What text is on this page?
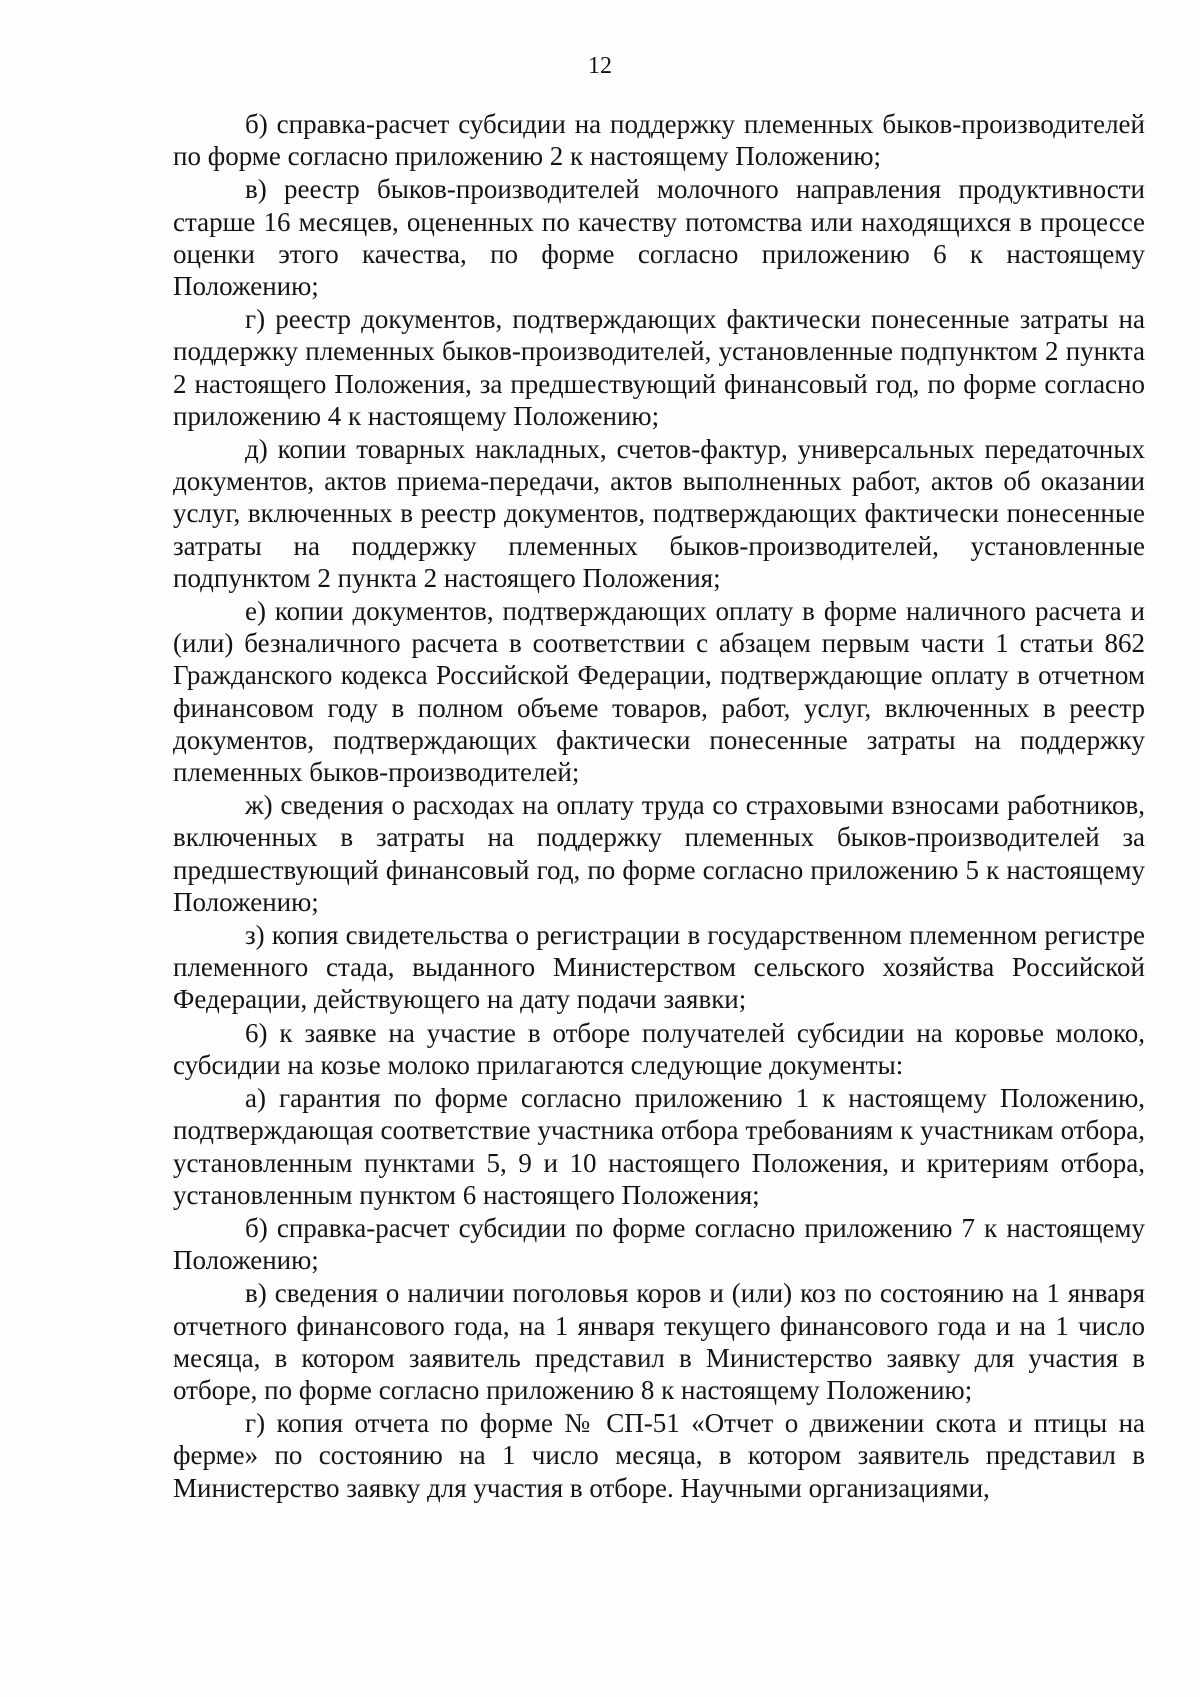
12

б) справка-расчет субсидии на поддержку племенных быков-производителей по форме согласно приложению 2 к настоящему Положению;

в) реестр быков-производителей молочного направления продуктивности старше 16 месяцев, оцененных по качеству потомства или находящихся в процессе оценки этого качества, по форме согласно приложению 6 к настоящему Положению;

г) реестр документов, подтверждающих фактически понесенные затраты на поддержку племенных быков-производителей, установленные подпунктом 2 пункта 2 настоящего Положения, за предшествующий финансовый год, по форме согласно приложению 4 к настоящему Положению;

д) копии товарных накладных, счетов-фактур, универсальных передаточных документов, актов приема-передачи, актов выполненных работ, актов об оказании услуг, включенных в реестр документов, подтверждающих фактически понесенные затраты на поддержку племенных быков-производителей, установленные подпунктом 2 пункта 2 настоящего Положения;

е) копии документов, подтверждающих оплату в форме наличного расчета и (или) безналичного расчета в соответствии с абзацем первым части 1 статьи 862 Гражданского кодекса Российской Федерации, подтверждающие оплату в отчетном финансовом году в полном объеме товаров, работ, услуг, включенных в реестр документов, подтверждающих фактически понесенные затраты на поддержку племенных быков-производителей;

ж) сведения о расходах на оплату труда со страховыми взносами работников, включенных в затраты на поддержку племенных быков-производителей за предшествующий финансовый год, по форме согласно приложению 5 к настоящему Положению;

з) копия свидетельства о регистрации в государственном племенном регистре племенного стада, выданного Министерством сельского хозяйства Российской Федерации, действующего на дату подачи заявки;

6) к заявке на участие в отборе получателей субсидии на коровье молоко, субсидии на козье молоко прилагаются следующие документы:

а) гарантия по форме согласно приложению 1 к настоящему Положению, подтверждающая соответствие участника отбора требованиям к участникам отбора, установленным пунктами 5, 9 и 10 настоящего Положения, и критериям отбора, установленным пунктом 6 настоящего Положения;

б) справка-расчет субсидии по форме согласно приложению 7 к настоящему Положению;

в) сведения о наличии поголовья коров и (или) коз по состоянию на 1 января отчетного финансового года, на 1 января текущего финансового года и на 1 число месяца, в котором заявитель представил в Министерство заявку для участия в отборе, по форме согласно приложению 8 к настоящему Положению;

г) копия отчета по форме № СП-51 «Отчет о движении скота и птицы на ферме» по состоянию на 1 число месяца, в котором заявитель представил в Министерство заявку для участия в отборе. Научными организациями,
